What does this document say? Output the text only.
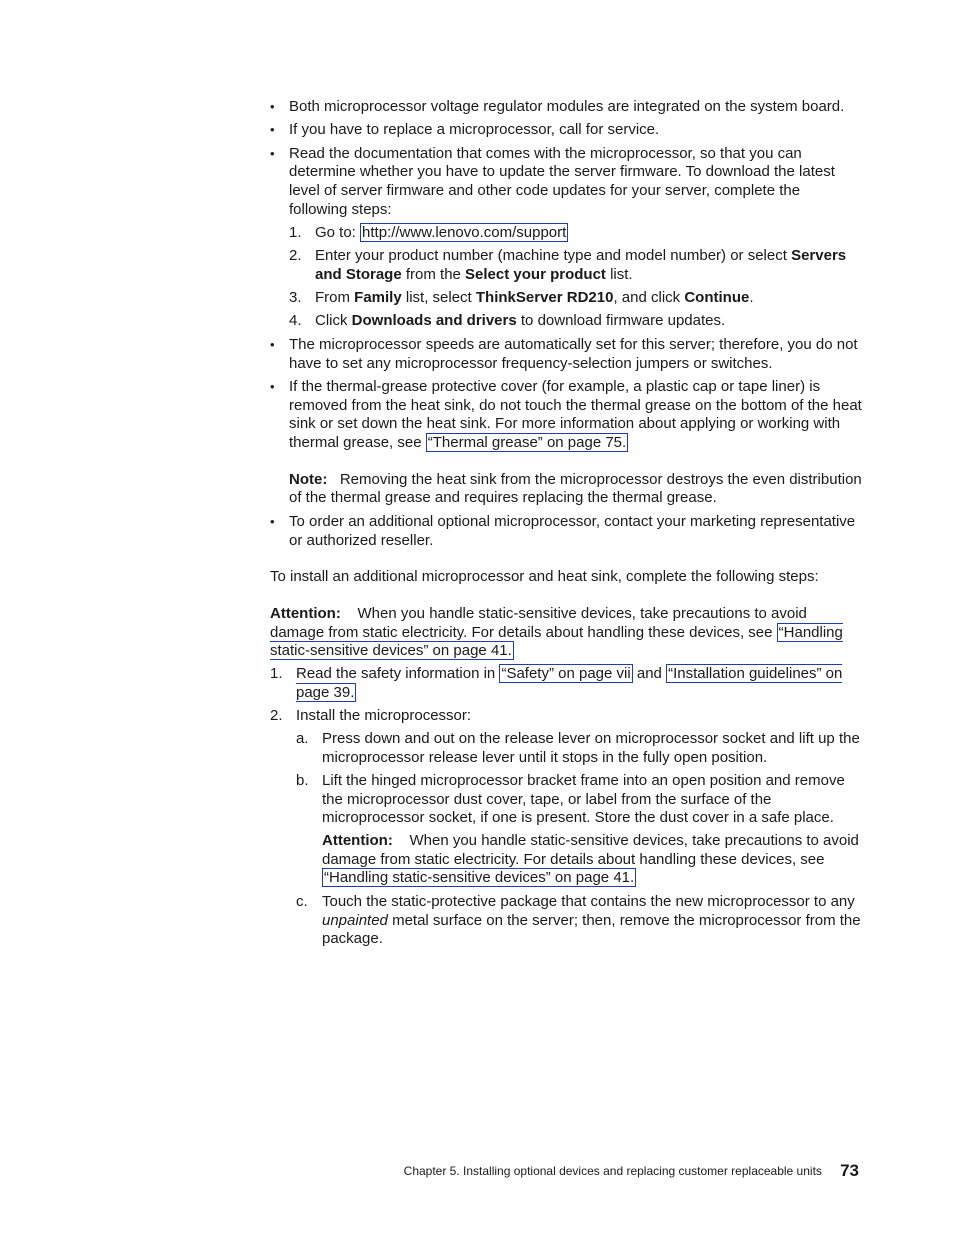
• Both microprocessor voltage regulator modules are integrated on the system board.
• If you have to replace a microprocessor, call for service.
• Read the documentation that comes with the microprocessor, so that you can determine whether you have to update the server firmware. To download the latest level of server firmware and other code updates for your server, complete the following steps:
1. Go to: http://www.lenovo.com/support
2. Enter your product number (machine type and model number) or select Servers and Storage from the Select your product list.
3. From Family list, select ThinkServer RD210, and click Continue.
4. Click Downloads and drivers to download firmware updates.
• The microprocessor speeds are automatically set for this server; therefore, you do not have to set any microprocessor frequency-selection jumpers or switches.
• If the thermal-grease protective cover (for example, a plastic cap or tape liner) is removed from the heat sink, do not touch the thermal grease on the bottom of the heat sink or set down the heat sink. For more information about applying or working with thermal grease, see “Thermal grease” on page 75.

Note: Removing the heat sink from the microprocessor destroys the even distribution of the thermal grease and requires replacing the thermal grease.

• To order an additional optional microprocessor, contact your marketing representative or authorized reseller.

To install an additional microprocessor and heat sink, complete the following steps:

Attention: When you handle static-sensitive devices, take precautions to avoid damage from static electricity. For details about handling these devices, see “Handling static-sensitive devices” on page 41.

1. Read the safety information in “Safety” on page vii and “Installation guidelines” on page 39.
2. Install the microprocessor:
a. Press down and out on the release lever on microprocessor socket and lift up the microprocessor release lever until it stops in the fully open position.
b. Lift the hinged microprocessor bracket frame into an open position and remove the microprocessor dust cover, tape, or label from the surface of the microprocessor socket, if one is present. Store the dust cover in a safe place.

Attention: When you handle static-sensitive devices, take precautions to avoid damage from static electricity. For details about handling these devices, see “Handling static-sensitive devices” on page 41.

c. Touch the static-protective package that contains the new microprocessor to any unpainted metal surface on the server; then, remove the microprocessor from the package.
Chapter 5. Installing optional devices and replacing customer replaceable units 73
